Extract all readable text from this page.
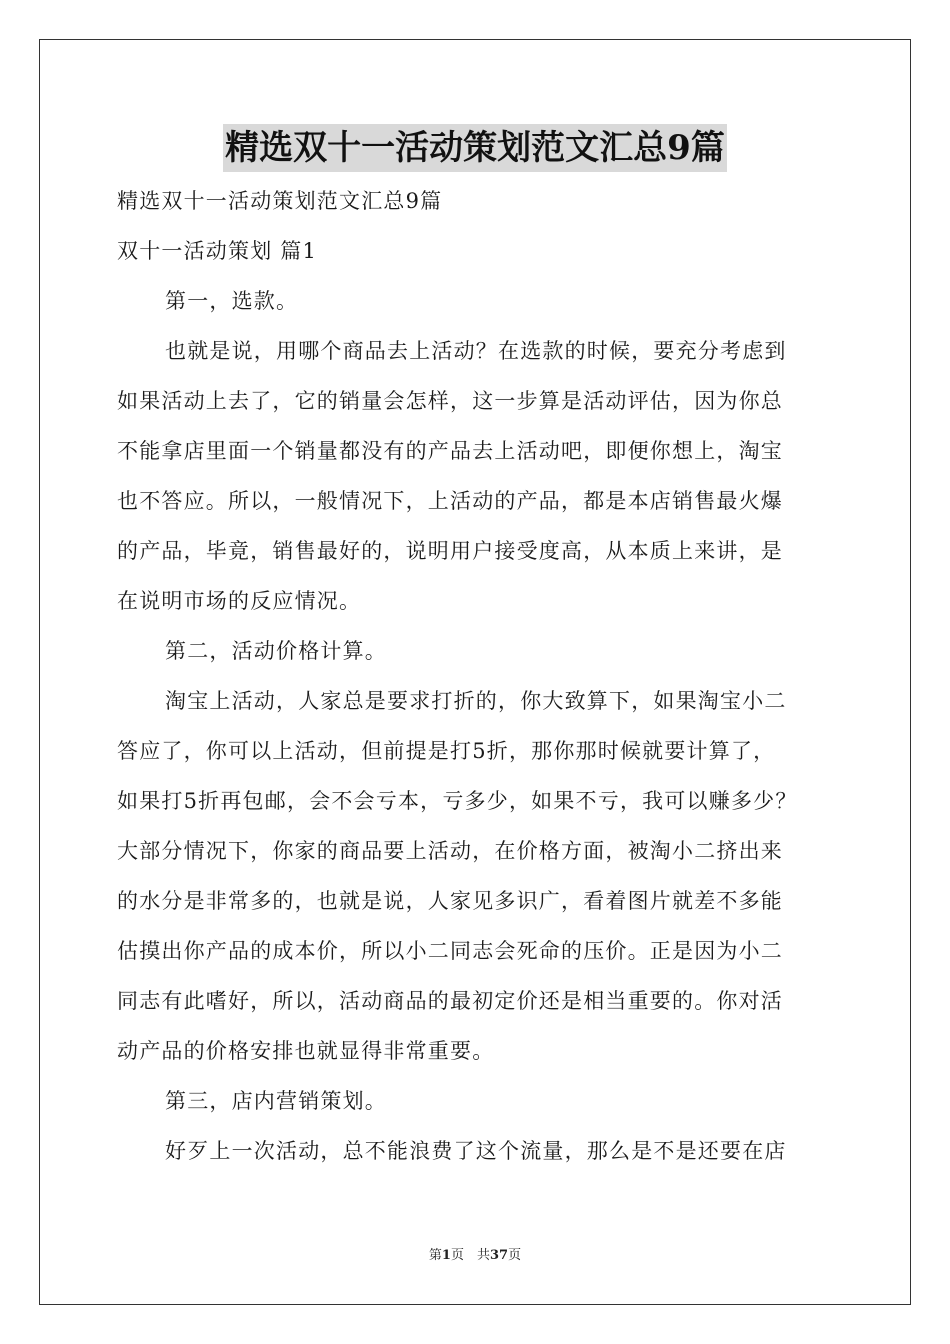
精选双十一活动策划范文汇总9篇
精选双十一活动策划范文汇总9篇
双十一活动策划 篇1
第一，选款。
也就是说，用哪个商品去上活动？在选款的时候，要充分考虑到
如果活动上去了，它的销量会怎样，这一步算是活动评估，因为你总
不能拿店里面一个销量都没有的产品去上活动吧，即便你想上，淘宝
也不答应。所以，一般情况下，上活动的产品，都是本店销售最火爆
的产品，毕竟，销售最好的，说明用户接受度高，从本质上来讲，是
在说明市场的反应情况。
第二，活动价格计算。
淘宝上活动，人家总是要求打折的，你大致算下，如果淘宝小二
答应了，你可以上活动，但前提是打5折，那你那时候就要计算了，
如果打5折再包邮，会不会亏本，亏多少，如果不亏，我可以赚多少？
大部分情况下，你家的商品要上活动，在价格方面，被淘小二挤出来
的水分是非常多的，也就是说，人家见多识广，看着图片就差不多能
估摸出你产品的成本价，所以小二同志会死命的压价。正是因为小二
同志有此嗜好，所以，活动商品的最初定价还是相当重要的。你对活
动产品的价格安排也就显得非常重要。
第三，店内营销策划。
好歹上一次活动，总不能浪费了这个流量，那么是不是还要在店
第1页　共37页
